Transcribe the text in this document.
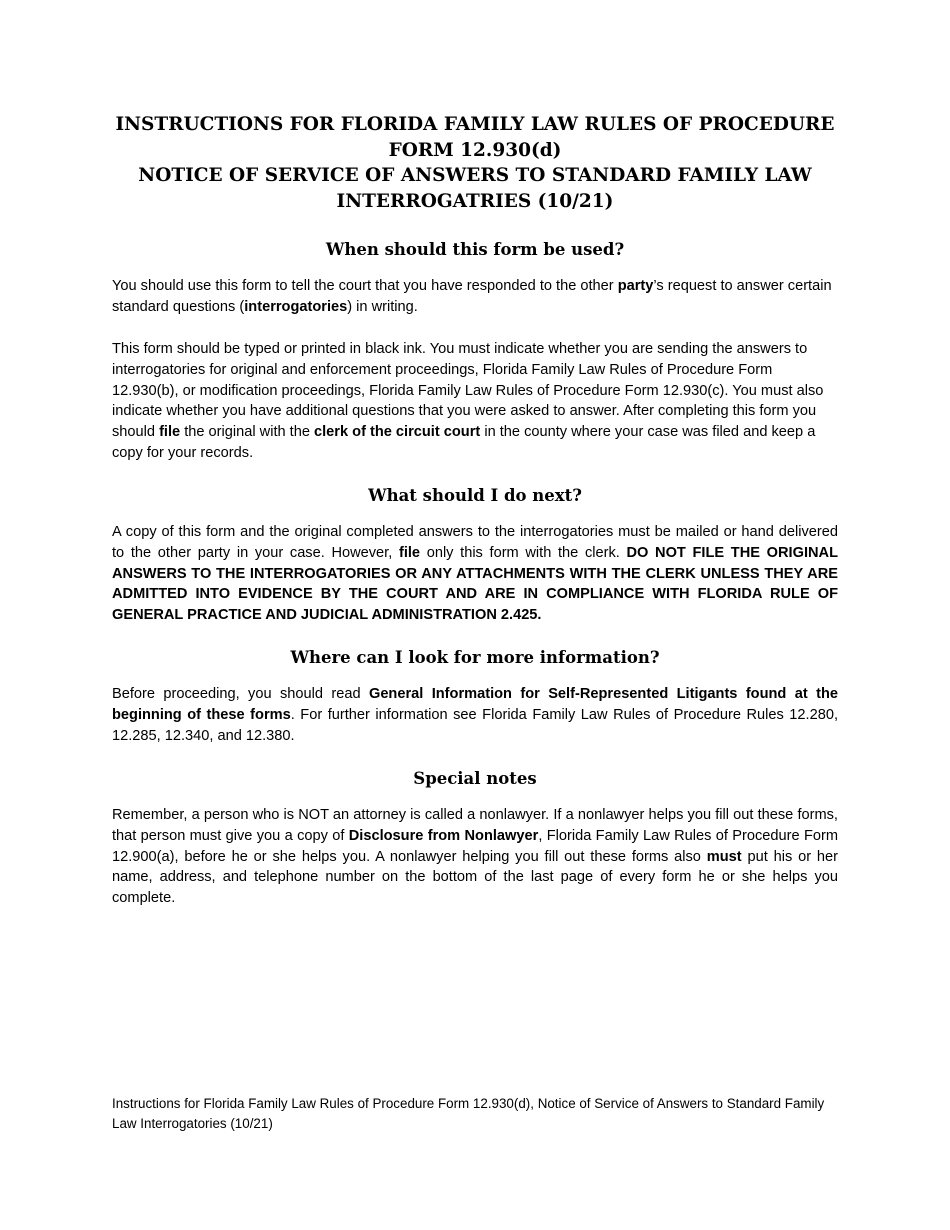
INSTRUCTIONS FOR FLORIDA FAMILY LAW RULES OF PROCEDURE
FORM 12.930(d)
NOTICE OF SERVICE OF ANSWERS TO STANDARD FAMILY LAW
INTERROGATRIES (10/21)
When should this form be used?

You should use this form to tell the court that you have responded to the other party’s request to answer certain standard questions (interrogatories) in writing.

This form should be typed or printed in black ink. You must indicate whether you are sending the answers to interrogatories for original and enforcement proceedings, Florida Family Law Rules of Procedure Form 12.930(b), or modification proceedings, Florida Family Law Rules of Procedure Form 12.930(c). You must also indicate whether you have additional questions that you were asked to answer. After completing this form you should file the original with the clerk of the circuit court in the county where your case was filed and keep a copy for your records.

What should I do next?

A copy of this form and the original completed answers to the interrogatories must be mailed or hand delivered to the other party in your case. However, file only this form with the clerk. DO NOT FILE THE ORIGINAL ANSWERS TO THE INTERROGATORIES OR ANY ATTACHMENTS WITH THE CLERK UNLESS THEY ARE ADMITTED INTO EVIDENCE BY THE COURT AND ARE IN COMPLIANCE WITH FLORIDA RULE OF GENERAL PRACTICE AND JUDICIAL ADMINISTRATION 2.425.

Where can I look for more information?

Before proceeding, you should read General Information for Self-Represented Litigants found at the beginning of these forms. For further information see Florida Family Law Rules of Procedure Rules 12.280, 12.285, 12.340, and 12.380.

Special notes

Remember, a person who is NOT an attorney is called a nonlawyer. If a nonlawyer helps you fill out these forms, that person must give you a copy of Disclosure from Nonlawyer, Florida Family Law Rules of Procedure Form 12.900(a), before he or she helps you. A nonlawyer helping you fill out these forms also must put his or her name, address, and telephone number on the bottom of the last page of every form he or she helps you complete.

Instructions for Florida Family Law Rules of Procedure Form 12.930(d), Notice of Service of Answers to Standard Family Law Interrogatories (10/21)
